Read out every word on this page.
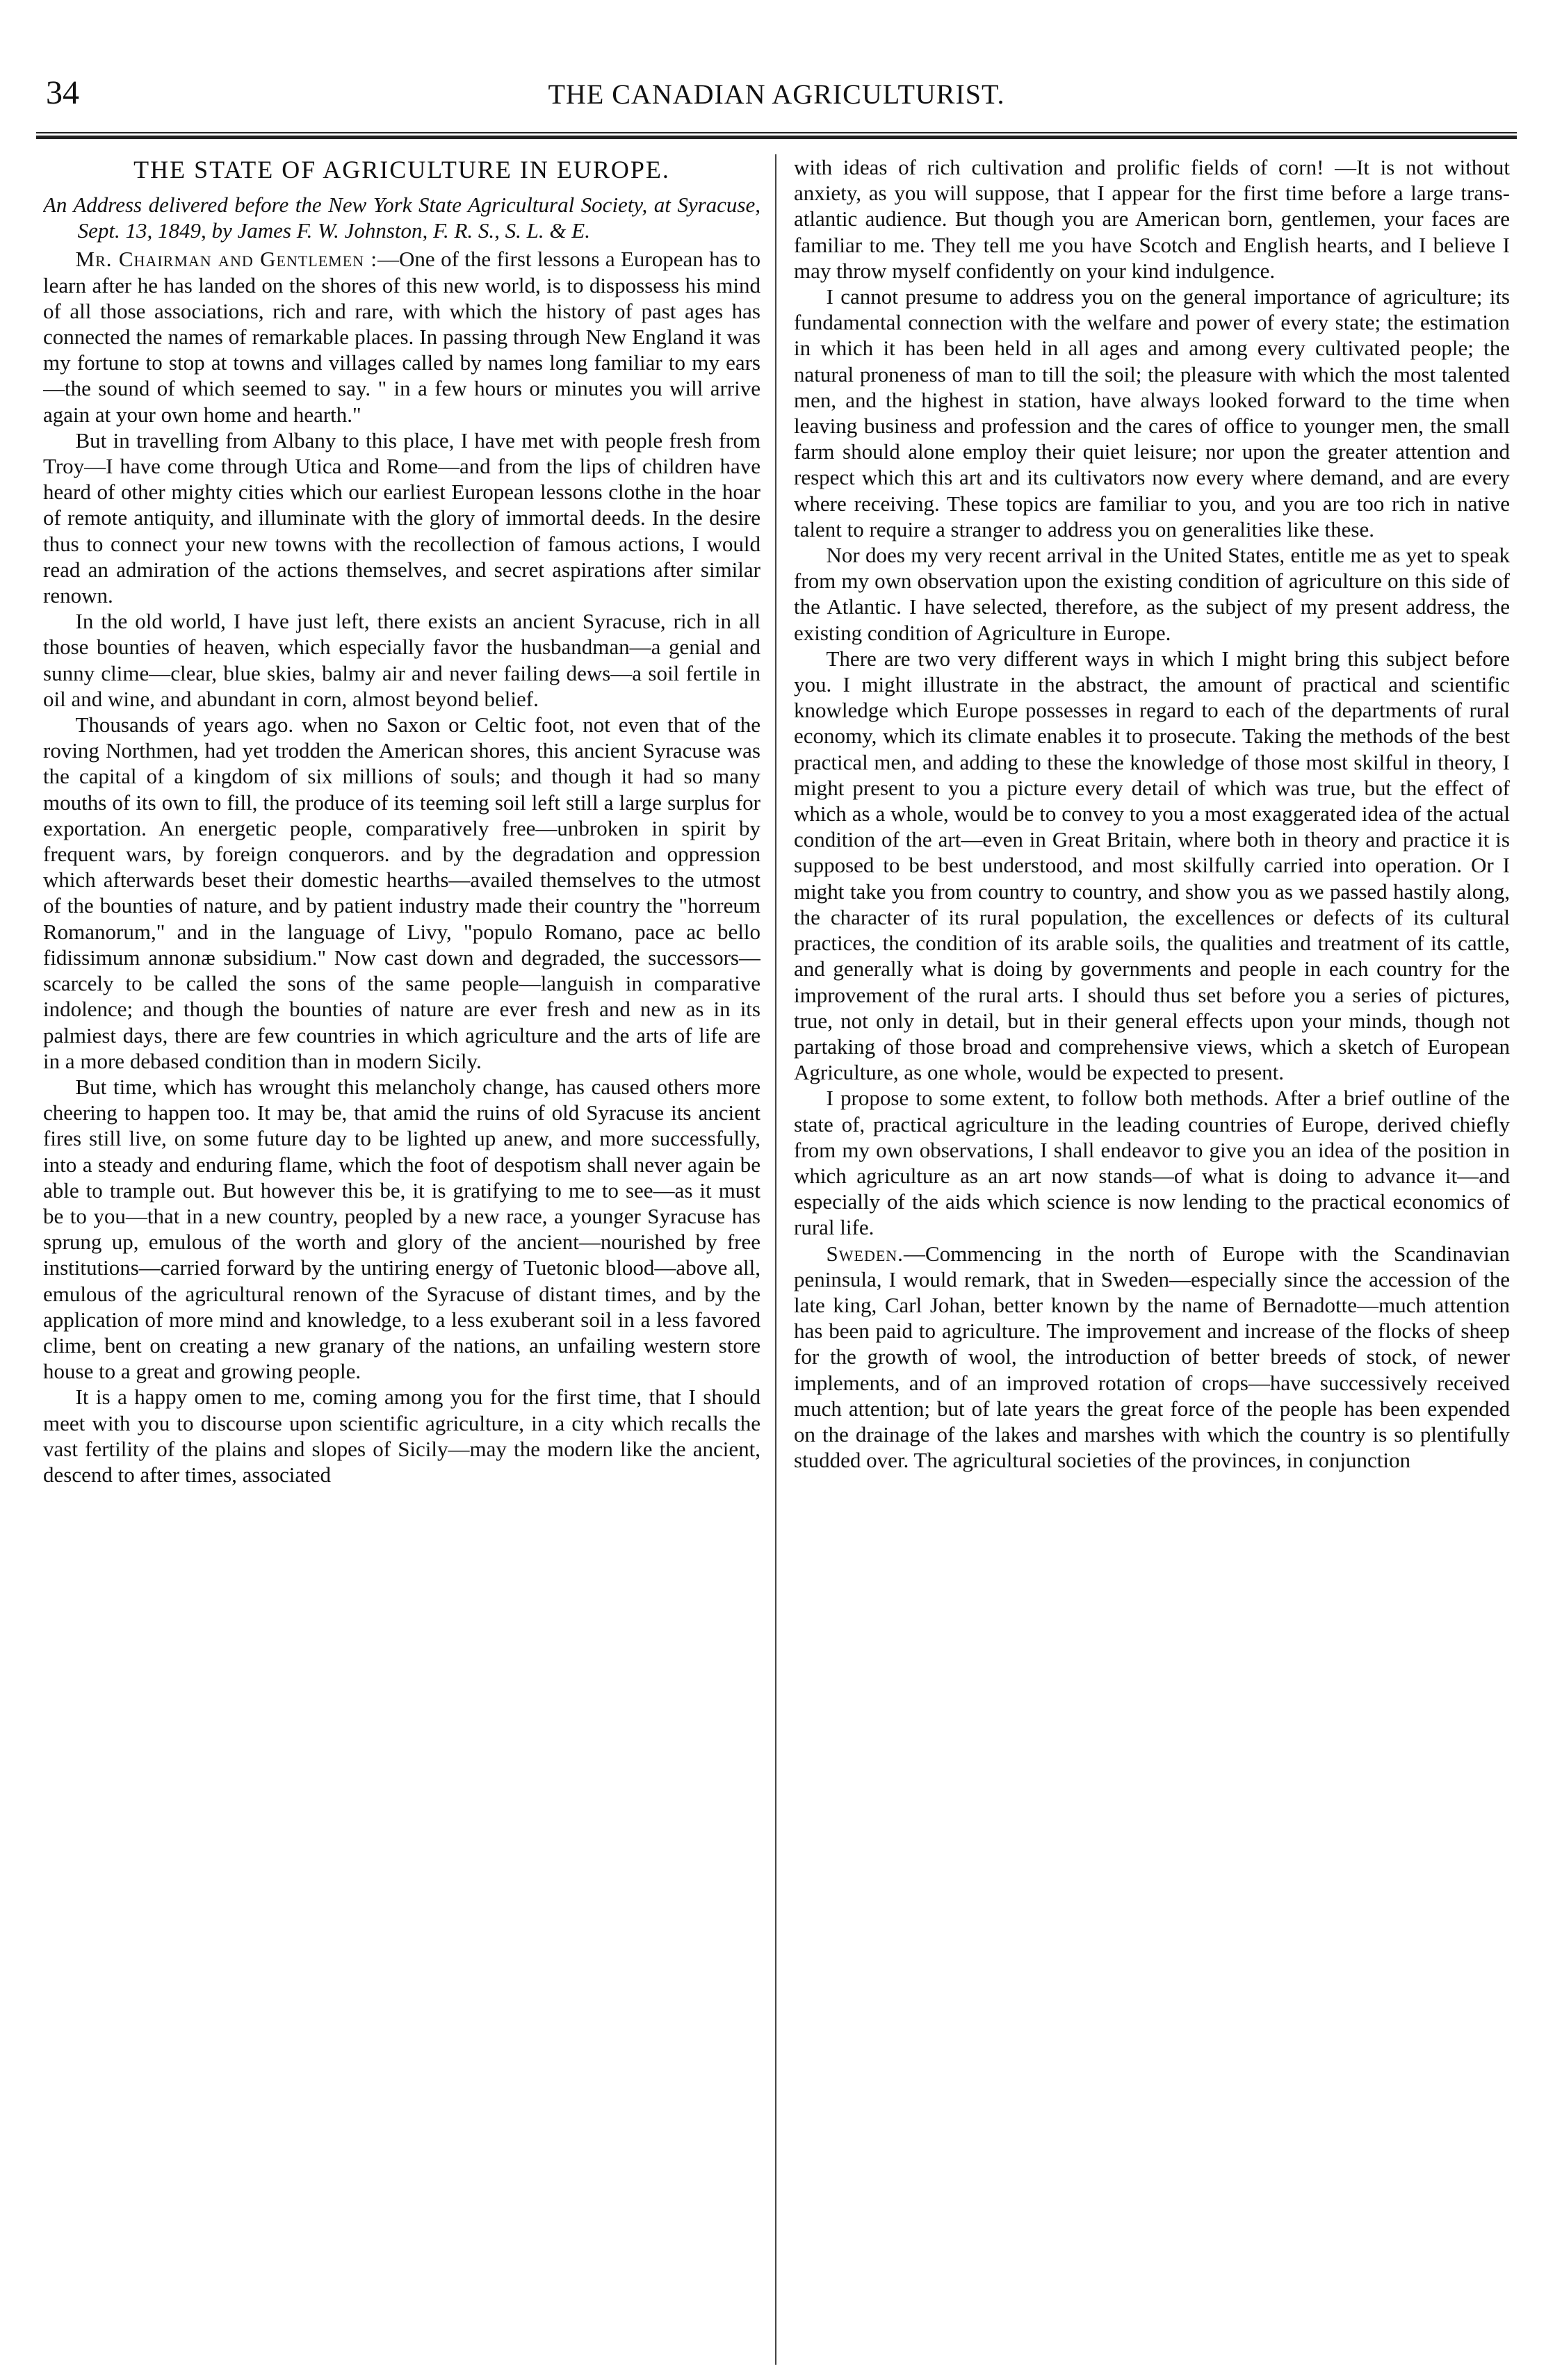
34	THE CANADIAN AGRICULTURIST.
THE STATE OF AGRICULTURE IN EUROPE.
An Address delivered before the New York State Agricultural Society, at Syracuse, Sept. 13, 1849, by James F. W. Johnston, F. R. S., S. L. & E.

Mr. Chairman and Gentlemen :—One of the first lessons a European has to learn after he has landed on the shores of this new world, is to dispossess his mind of all those associations, rich and rare, with which the history of past ages has connected the names of remarkable places. In passing through New England it was my fortune to stop at towns and villages called by names long familiar to my ears—the sound of which seemed to say. " in a few hours or minutes you will arrive again at your own home and hearth."

But in travelling from Albany to this place, I have met with people fresh from Troy—I have come through Utica and Rome—and from the lips of children have heard of other mighty cities which our earliest European lessons clothe in the hoar of remote antiquity, and illuminate with the glory of immortal deeds. In the desire thus to connect your new towns with the recollection of famous actions, I would read an admiration of the actions themselves, and secret aspirations after similar renown.

In the old world, I have just left, there exists an ancient Syracuse, rich in all those bounties of heaven, which especially favor the husbandman—a genial and sunny clime—clear, blue skies, balmy air and never failing dews—a soil fertile in oil and wine, and abundant in corn, almost beyond belief.

Thousands of years ago. when no Saxon or Celtic foot, not even that of the roving Northmen, had yet trodden the American shores, this ancient Syracuse was the capital of a kingdom of six millions of souls; and though it had so many mouths of its own to fill, the produce of its teeming soil left still a large surplus for exportation. An energetic people, comparatively free—unbroken in spirit by frequent wars, by foreign conquerors. and by the degradation and oppression which afterwards beset their domestic hearths—availed themselves to the utmost of the bounties of nature, and by patient industry made their country the "horreum Romanorum," and in the language of Livy, "populo Romano, pace ac bello fidissimum annonæ subsidium." Now cast down and degraded, the successors—scarcely to be called the sons of the same people—languish in comparative indolence; and though the bounties of nature are ever fresh and new as in its palmiest days, there are few countries in which agriculture and the arts of life are in a more debased condition than in modern Sicily.

But time, which has wrought this melancholy change, has caused others more cheering to happen too. It may be, that amid the ruins of old Syracuse its ancient fires still live, on some future day to be lighted up anew, and more successfully, into a steady and enduring flame, which the foot of despotism shall never again be able to trample out. But however this be, it is gratifying to me to see—as it must be to you—that in a new country, peopled by a new race, a younger Syracuse has sprung up, emulous of the worth and glory of the ancient—nourished by free institutions—carried forward by the untiring energy of Tuetonic blood—above all, emulous of the agricultural renown of the Syracuse of distant times, and by the application of more mind and knowledge, to a less exuberant soil in a less favored clime, bent on creating a new granary of the nations, an unfailing western store house to a great and growing people.

It is a happy omen to me, coming among you for the first time, that I should meet with you to discourse upon scientific agriculture, in a city which recalls the vast fertility of the plains and slopes of Sicily—may the modern like the ancient, descend to after times, associated

with ideas of rich cultivation and prolific fields of corn! —It is not without anxiety, as you will suppose, that I appear for the first time before a large trans-atlantic audience. But though you are American born, gentlemen, your faces are familiar to me. They tell me you have Scotch and English hearts, and I believe I may throw myself confidently on your kind indulgence.

I cannot presume to address you on the general importance of agriculture; its fundamental connection with the welfare and power of every state; the estimation in which it has been held in all ages and among every cultivated people; the natural proneness of man to till the soil; the pleasure with which the most talented men, and the highest in station, have always looked forward to the time when leaving business and profession and the cares of office to younger men, the small farm should alone employ their quiet leisure; nor upon the greater attention and respect which this art and its cultivators now every where demand, and are every where receiving. These topics are familiar to you, and you are too rich in native talent to require a stranger to address you on generalities like these.

Nor does my very recent arrival in the United States, entitle me as yet to speak from my own observation upon the existing condition of agriculture on this side of the Atlantic. I have selected, therefore, as the subject of my present address, the existing condition of Agriculture in Europe.

There are two very different ways in which I might bring this subject before you. I might illustrate in the abstract, the amount of practical and scientific knowledge which Europe possesses in regard to each of the departments of rural economy, which its climate enables it to prosecute. Taking the methods of the best practical men, and adding to these the knowledge of those most skilful in theory, I might present to you a picture every detail of which was true, but the effect of which as a whole, would be to convey to you a most exaggerated idea of the actual condition of the art—even in Great Britain, where both in theory and practice it is supposed to be best understood, and most skilfully carried into operation. Or I might take you from country to country, and show you as we passed hastily along, the character of its rural population, the excellences or defects of its cultural practices, the condition of its arable soils, the qualities and treatment of its cattle, and generally what is doing by governments and people in each country for the improvement of the rural arts. I should thus set before you a series of pictures, true, not only in detail, but in their general effects upon your minds, though not partaking of those broad and comprehensive views, which a sketch of European Agriculture, as one whole, would be expected to present.

I propose to some extent, to follow both methods. After a brief outline of the state of, practical agriculture in the leading countries of Europe, derived chiefly from my own observations, I shall endeavor to give you an idea of the position in which agriculture as an art now stands—of what is doing to advance it—and especially of the aids which science is now lending to the practical economics of rural life.

Sweden.—Commencing in the north of Europe with the Scandinavian peninsula, I would remark, that in Sweden—especially since the accession of the late king, Carl Johan, better known by the name of Bernadotte—much attention has been paid to agriculture. The improvement and increase of the flocks of sheep for the growth of wool, the introduction of better breeds of stock, of newer implements, and of an improved rotation of crops—have successively received much attention; but of late years the great force of the people has been expended on the drainage of the lakes and marshes with which the country is so plentifully studded over. The agricultural societies of the provinces, in conjunction
